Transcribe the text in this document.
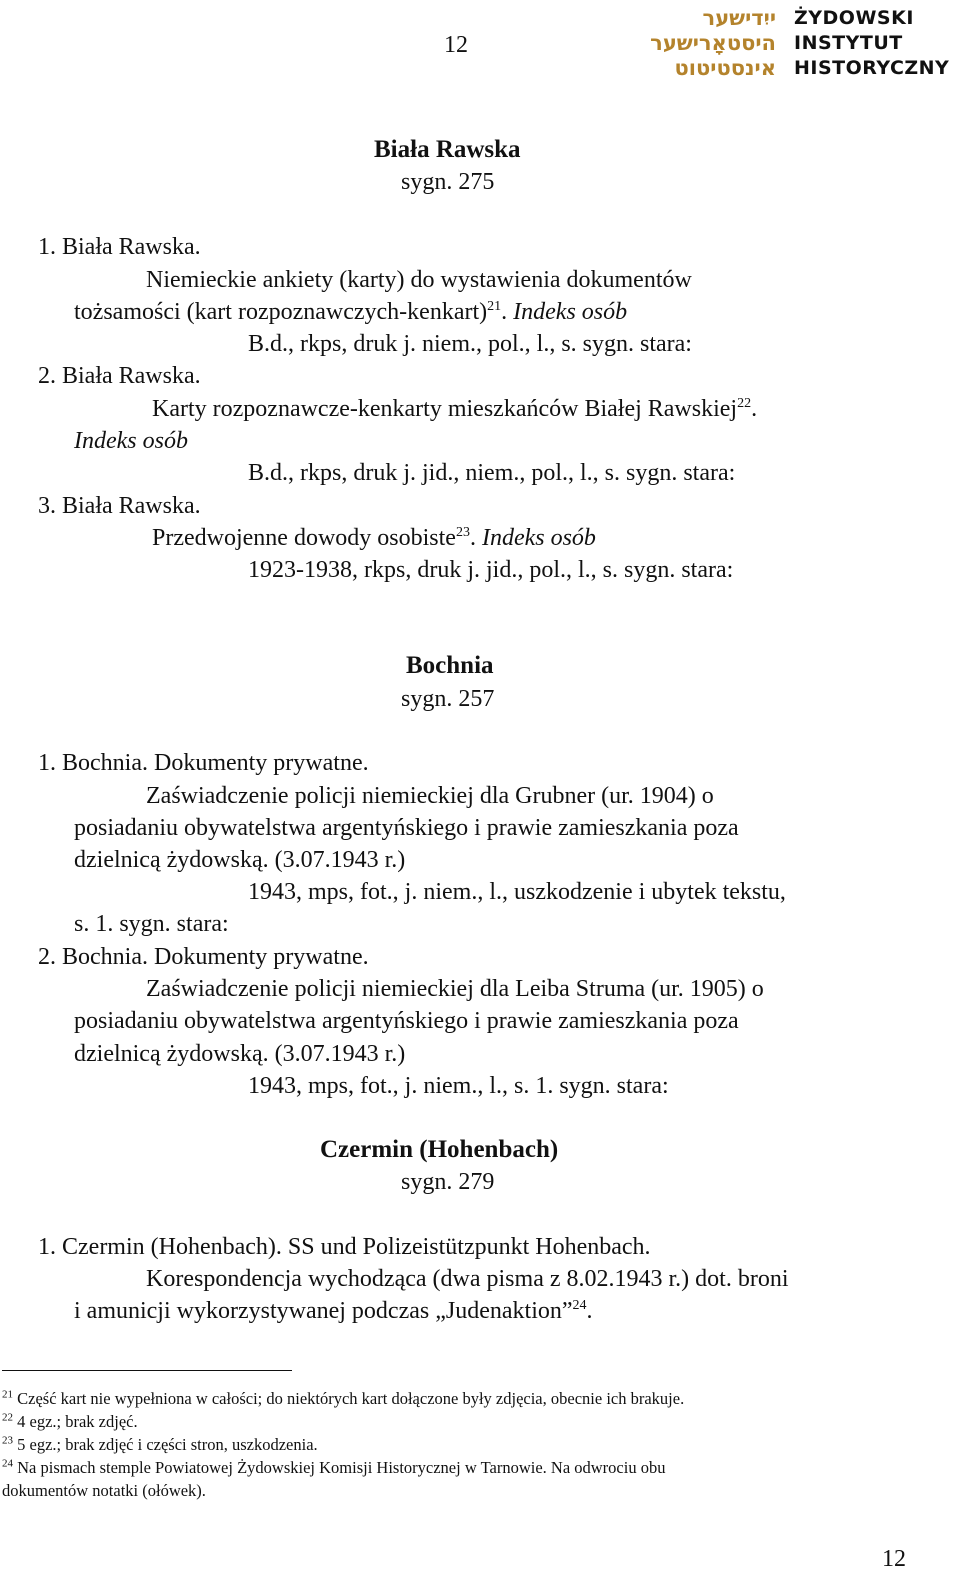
12
ייִדישער
היסטאָרישער
אינסטיטוט
ŻYDOWSKI
INSTYTUT
HISTORYCZNY
Biała Rawska
sygn. 275
1. Biała Rawska.
Niemieckie ankiety (karty) do wystawienia dokumentów
tożsamości (kart rozpoznawczych-kenkart)$^{21}$. Indeks osób
B.d., rkps, druk j. niem., pol., l., s. sygn. stara:
2. Biała Rawska.
Karty rozpoznawcze-kenkarty mieszkańców Białej Rawskiej$^{22}$.
Indeks osób
B.d., rkps, druk j. jid., niem., pol., l., s. sygn. stara:
3. Biała Rawska.
Przedwojenne dowody osobiste$^{23}$. Indeks osób
1923-1938, rkps, druk j. jid., pol., l., s. sygn. stara:
Bochnia
sygn. 257
1. Bochnia. Dokumenty prywatne.
Zaświadczenie policji niemieckiej dla Grubner (ur. 1904) o
posiadaniu obywatelstwa argentyńskiego i prawie zamieszkania poza
dzielnicą żydowską. (3.07.1943 r.)
1943, mps, fot., j. niem., l., uszkodzenie i ubytek tekstu,
s. 1. sygn. stara:
2. Bochnia. Dokumenty prywatne.
Zaświadczenie policji niemieckiej dla Leiba Struma (ur. 1905) o
posiadaniu obywatelstwa argentyńskiego i prawie zamieszkania poza
dzielnicą żydowską. (3.07.1943 r.)
1943, mps, fot., j. niem., l., s. 1. sygn. stara:
Czermin (Hohenbach)
sygn. 279
1. Czermin (Hohenbach). SS und Polizeistützpunkt Hohenbach.
Korespondencja wychodząca (dwa pisma z 8.02.1943 r.) dot. broni
i amunicji wykorzystywanej podczas „Judenaktion”$^{24}$.
$^{21}$ Część kart nie wypełniona w całości; do niektórych kart dołączone były zdjęcia, obecnie ich brakuje.
$^{22}$ 4 egz.; brak zdjęć.
$^{23}$ 5 egz.; brak zdjęć i części stron, uszkodzenia.
$^{24}$ Na pismach stemple Powiatowej Żydowskiej Komisji Historycznej w Tarnowie. Na odwrociu obu
dokumentów notatki (ołówek).
12
